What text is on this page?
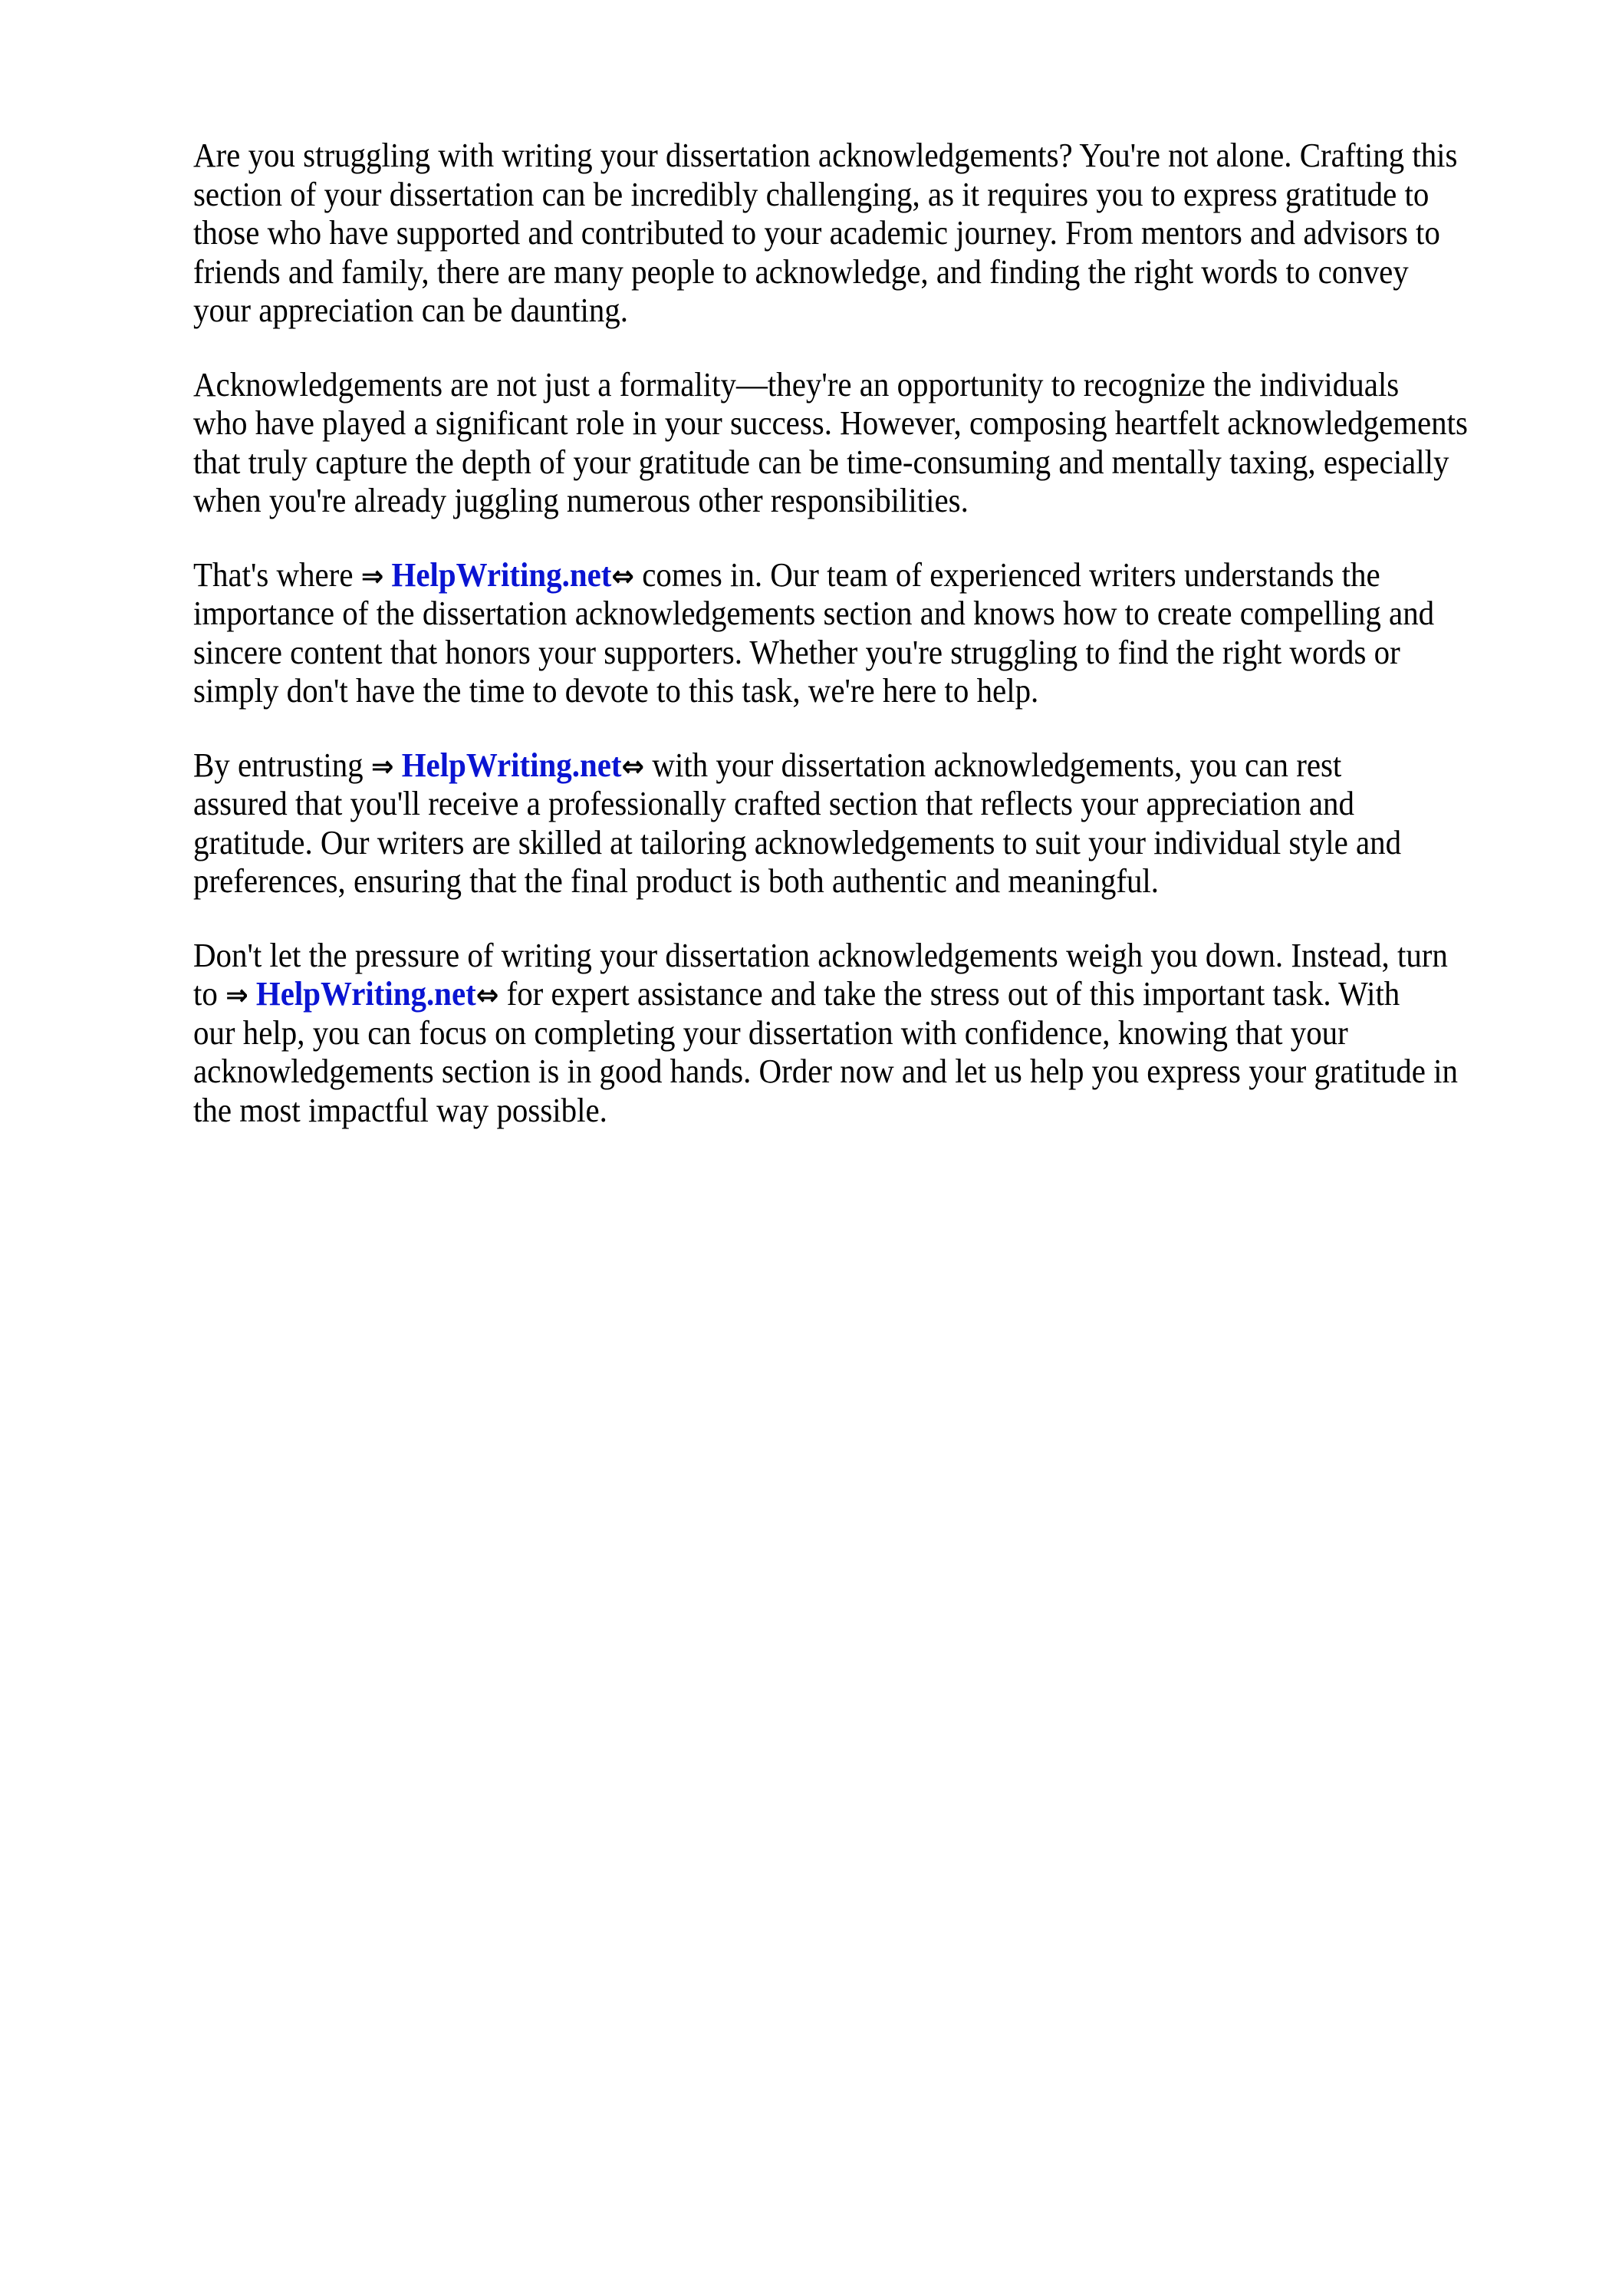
Are you struggling with writing your dissertation acknowledgements? You're not alone. Crafting this
section of your dissertation can be incredibly challenging, as it requires you to express gratitude to
those who have supported and contributed to your academic journey. From mentors and advisors to
friends and family, there are many people to acknowledge, and finding the right words to convey
your appreciation can be daunting.
Acknowledgements are not just a formality—they're an opportunity to recognize the individuals
who have played a significant role in your success. However, composing heartfelt acknowledgements
that truly capture the depth of your gratitude can be time-consuming and mentally taxing, especially
when you're already juggling numerous other responsibilities.
That's where ⇒ HelpWriting.net⇔ comes in. Our team of experienced writers understands the
importance of the dissertation acknowledgements section and knows how to create compelling and
sincere content that honors your supporters. Whether you're struggling to find the right words or
simply don't have the time to devote to this task, we're here to help.
By entrusting ⇒ HelpWriting.net⇔ with your dissertation acknowledgements, you can rest
assured that you'll receive a professionally crafted section that reflects your appreciation and
gratitude. Our writers are skilled at tailoring acknowledgements to suit your individual style and
preferences, ensuring that the final product is both authentic and meaningful.
Don't let the pressure of writing your dissertation acknowledgements weigh you down. Instead, turn
to ⇒ HelpWriting.net⇔ for expert assistance and take the stress out of this important task. With
our help, you can focus on completing your dissertation with confidence, knowing that your
acknowledgements section is in good hands. Order now and let us help you express your gratitude in
the most impactful way possible.
